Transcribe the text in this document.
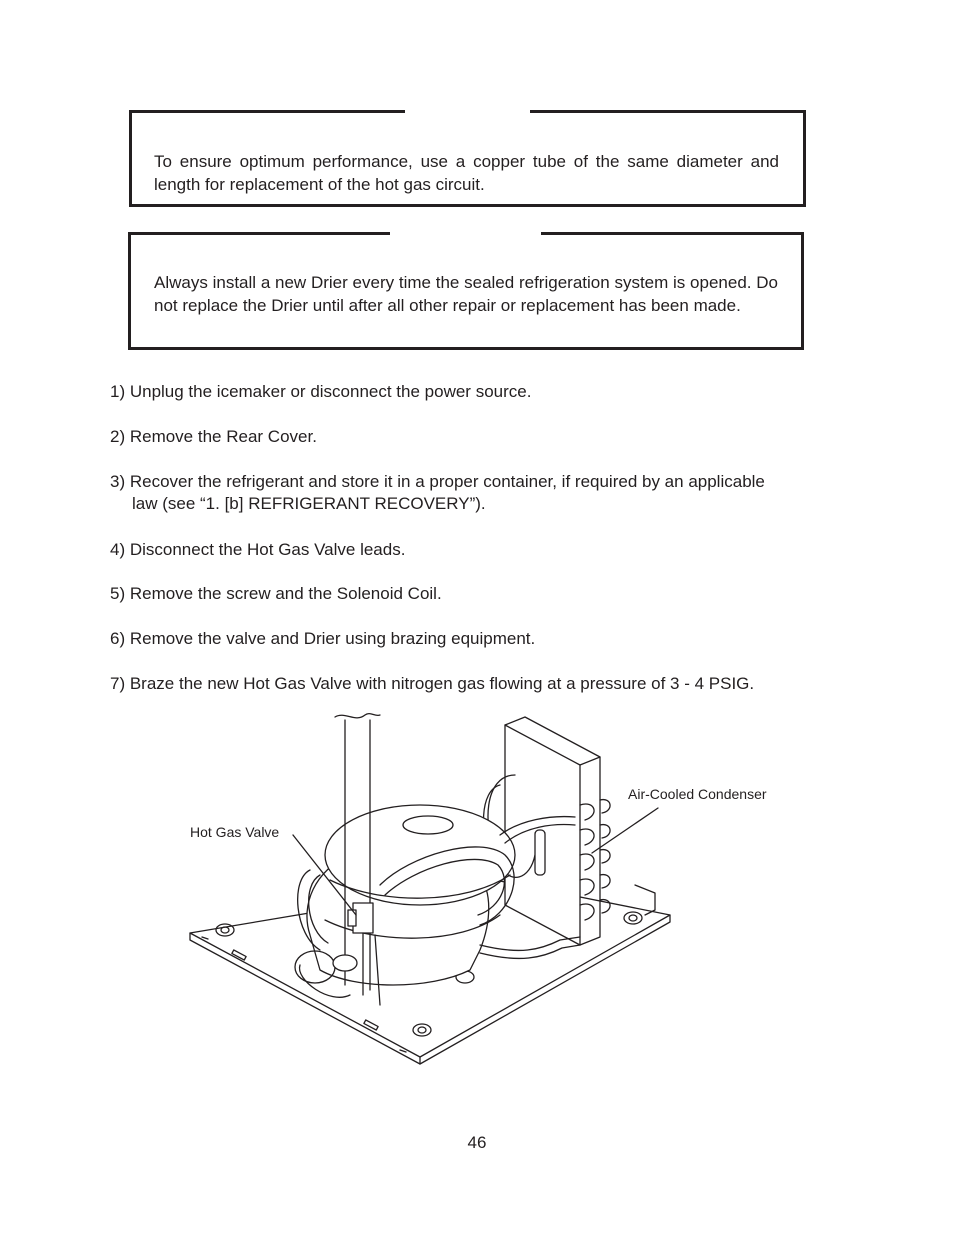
To ensure optimum performance, use a copper tube of the same diameter and length for replacement of the hot gas circuit.

Always install a new Drier every time the sealed refrigeration system is opened. Do not replace the Drier until after all other repair or replacement has been made.

1) Unplug the icemaker or disconnect the power source.

2) Remove the Rear Cover.

3) Recover the refrigerant and store it in a proper container, if required by an applicable
law (see “1. [b] REFRIGERANT RECOVERY”).

4) Disconnect the Hot Gas Valve leads.

5) Remove the screw and the Solenoid Coil.

6) Remove the valve and Drier using brazing equipment.

7) Braze the new Hot Gas Valve with nitrogen gas flowing at a pressure of 3 - 4 PSIG.

Hot Gas Valve
Air-Cooled Condenser
46
